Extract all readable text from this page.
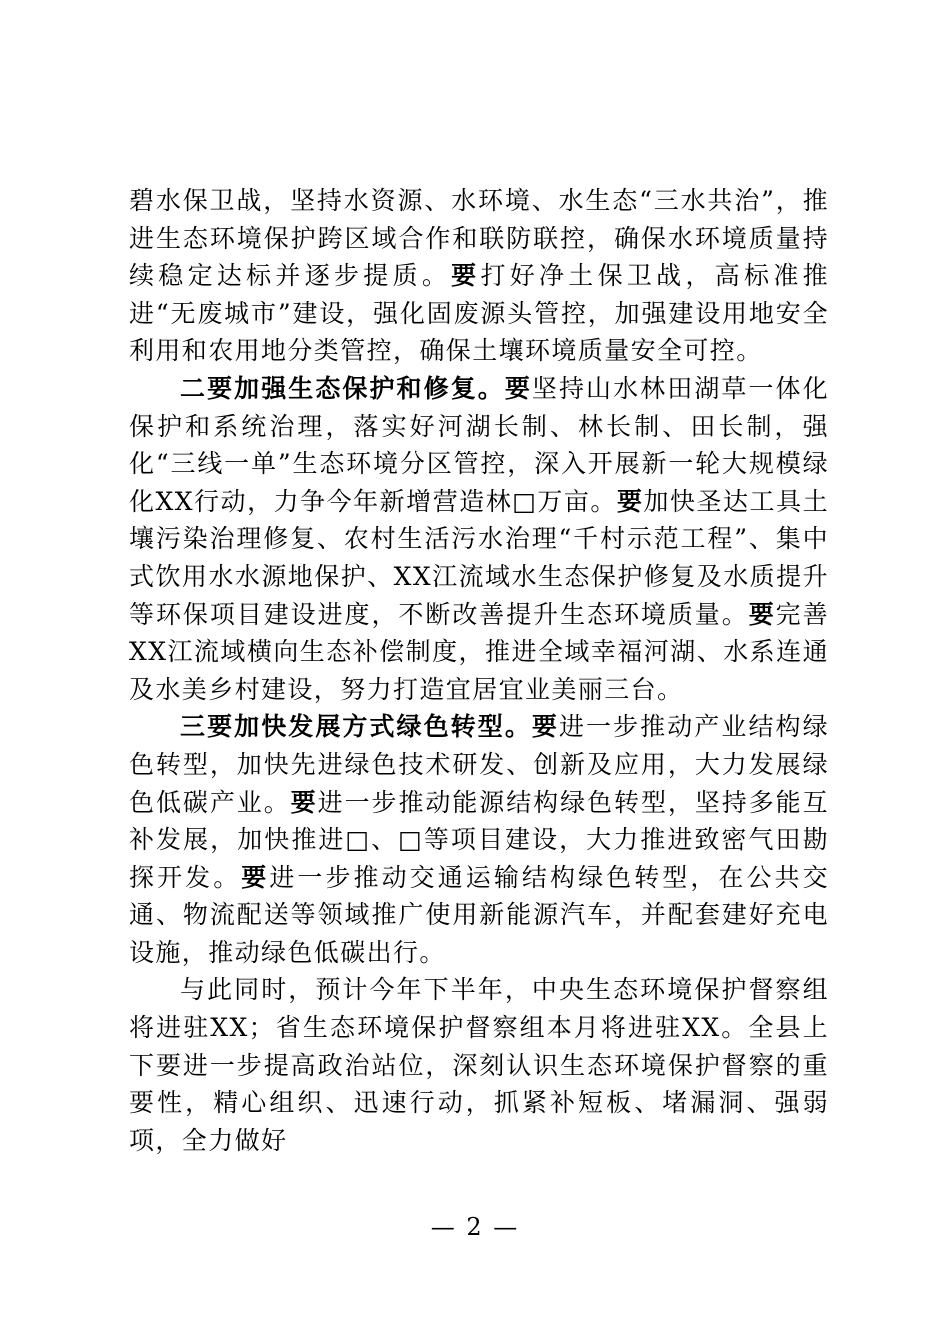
碧水保卫战，坚持水资源、水环境、水生态“三水共治”，推进生态环境保护跨区域合作和联防联控，确保水环境质量持续稳定达标并逐步提质。要打好净土保卫战，高标准推进“无废城市”建设，强化固废源头管控，加强建设用地安全利用和农用地分类管控，确保土壤环境质量安全可控。

二要加强生态保护和修复。要坚持山水林田湖草一体化保护和系统治理，落实好河湖长制、林长制、田长制，强化“三线一单”生态环境分区管控，深入开展新一轮大规模绿化XX行动，力争今年新增营造林□万亩。要加快圣达工具土壤污染治理修复、农村生活污水治理“千村示范工程”、集中式饮用水水源地保护、XX江流域水生态保护修复及水质提升等环保项目建设进度，不断改善提升生态环境质量。要完善XX江流域横向生态补偿制度，推进全域幸福河湖、水系连通及水美乡村建设，努力打造宜居宜业美丽三台。

三要加快发展方式绿色转型。要进一步推动产业结构绿色转型，加快先进绿色技术研发、创新及应用，大力发展绿色低碳产业。要进一步推动能源结构绿色转型，坚持多能互补发展，加快推进□、□等项目建设，大力推进致密气田勘探开发。要进一步推动交通运输结构绿色转型，在公共交通、物流配送等领域推广使用新能源汽车，并配套建好充电设施，推动绿色低碳出行。

与此同时，预计今年下半年，中央生态环境保护督察组将进驻XX；省生态环境保护督察组本月将进驻XX。全县上下要进一步提高政治站位，深刻认识生态环境保护督察的重要性，精心组织、迅速行动，抓紧补短板、堵漏洞、强弱项，全力做好

— 2 —
